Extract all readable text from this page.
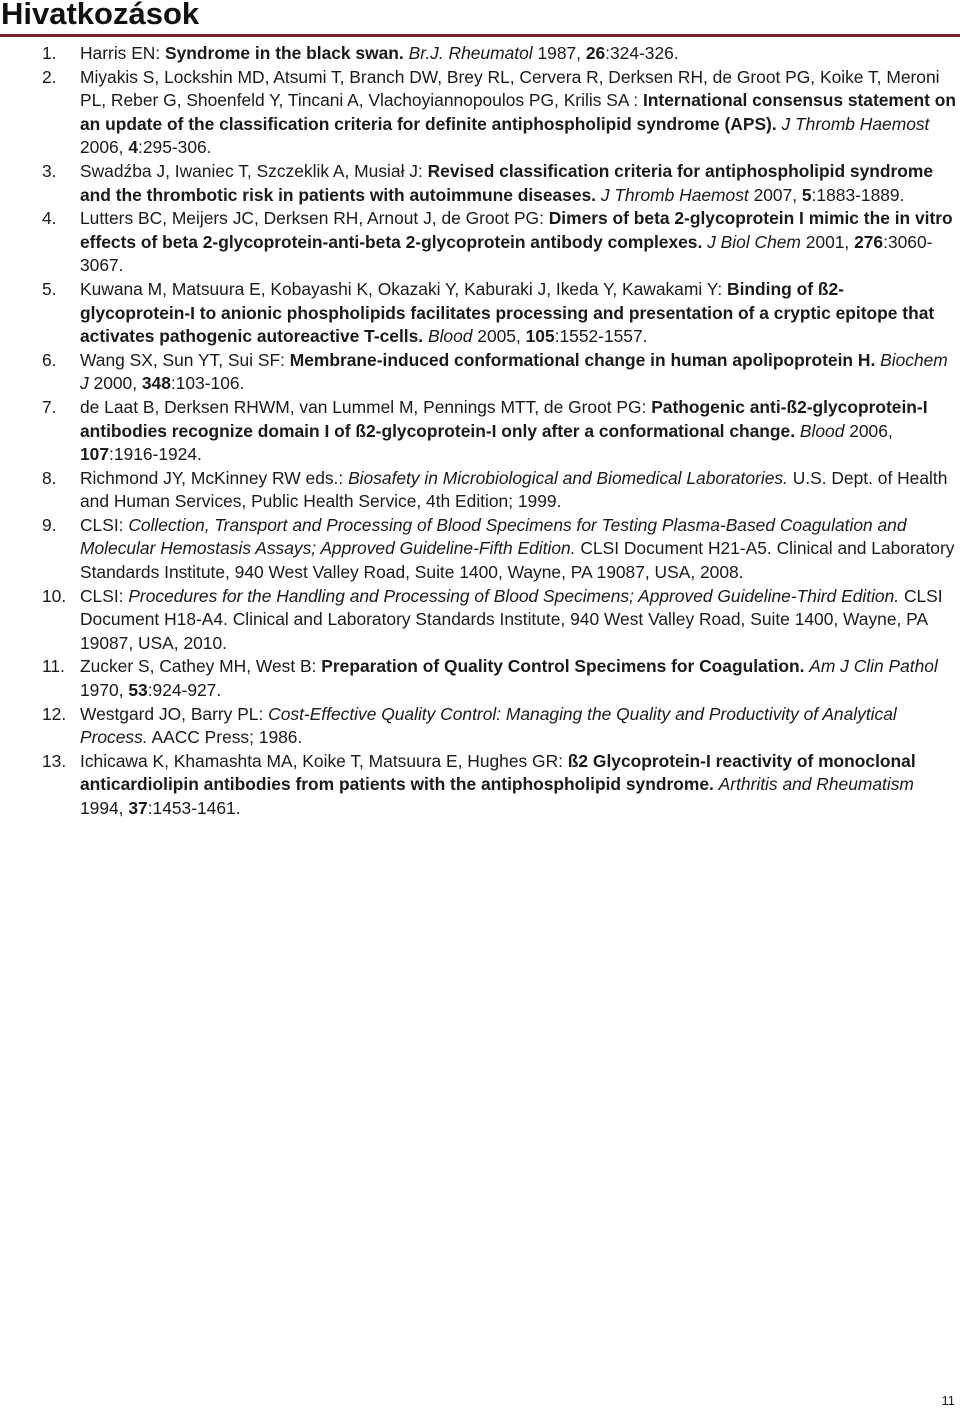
Hivatkozások
1. Harris EN: Syndrome in the black swan. Br.J. Rheumatol 1987, 26:324-326.
2. Miyakis S, Lockshin MD, Atsumi T, Branch DW, Brey RL, Cervera R, Derksen RH, de Groot PG, Koike T, Meroni PL, Reber G, Shoenfeld Y, Tincani A, Vlachoyiannopoulos PG, Krilis SA : International consensus statement on an update of the classification criteria for definite antiphospholipid syndrome (APS). J Thromb Haemost 2006, 4:295-306.
3. Swadźba J, Iwaniec T, Szczeklik A, Musiał J: Revised classification criteria for antiphospholipid syndrome and the thrombotic risk in patients with autoimmune diseases. J Thromb Haemost 2007, 5:1883-1889.
4. Lutters BC, Meijers JC, Derksen RH, Arnout J, de Groot PG: Dimers of beta 2-glycoprotein I mimic the in vitro effects of beta 2-glycoprotein-anti-beta 2-glycoprotein antibody complexes. J Biol Chem 2001, 276:3060-3067.
5. Kuwana M, Matsuura E, Kobayashi K, Okazaki Y, Kaburaki J, Ikeda Y, Kawakami Y: Binding of ß2- glycoprotein-I to anionic phospholipids facilitates processing and presentation of a cryptic epitope that activates pathogenic autoreactive T-cells. Blood 2005, 105:1552-1557.
6. Wang SX, Sun YT, Sui SF: Membrane-induced conformational change in human apolipoprotein H. Biochem J 2000, 348:103-106.
7. de Laat B, Derksen RHWM, van Lummel M, Pennings MTT, de Groot PG: Pathogenic anti-ß2-glycoprotein-I antibodies recognize domain I of ß2-glycoprotein-I only after a conformational change. Blood 2006, 107:1916-1924.
8. Richmond JY, McKinney RW eds.: Biosafety in Microbiological and Biomedical Laboratories. U.S. Dept. of Health and Human Services, Public Health Service, 4th Edition; 1999.
9. CLSI: Collection, Transport and Processing of Blood Specimens for Testing Plasma-Based Coagulation and Molecular Hemostasis Assays; Approved Guideline-Fifth Edition. CLSI Document H21-A5. Clinical and Laboratory Standards Institute, 940 West Valley Road, Suite 1400, Wayne, PA 19087, USA, 2008.
10. CLSI: Procedures for the Handling and Processing of Blood Specimens; Approved Guideline-Third Edition. CLSI Document H18-A4. Clinical and Laboratory Standards Institute, 940 West Valley Road, Suite 1400, Wayne, PA 19087, USA, 2010.
11. Zucker S, Cathey MH, West B: Preparation of Quality Control Specimens for Coagulation. Am J Clin Pathol 1970, 53:924-927.
12. Westgard JO, Barry PL: Cost-Effective Quality Control: Managing the Quality and Productivity of Analytical Process. AACC Press; 1986.
13. Ichicawa K, Khamashta MA, Koike T, Matsuura E, Hughes GR: ß2 Glycoprotein-I reactivity of monoclonal anticardiolipin antibodies from patients with the antiphospholipid syndrome. Arthritis and Rheumatism 1994, 37:1453-1461.
11
